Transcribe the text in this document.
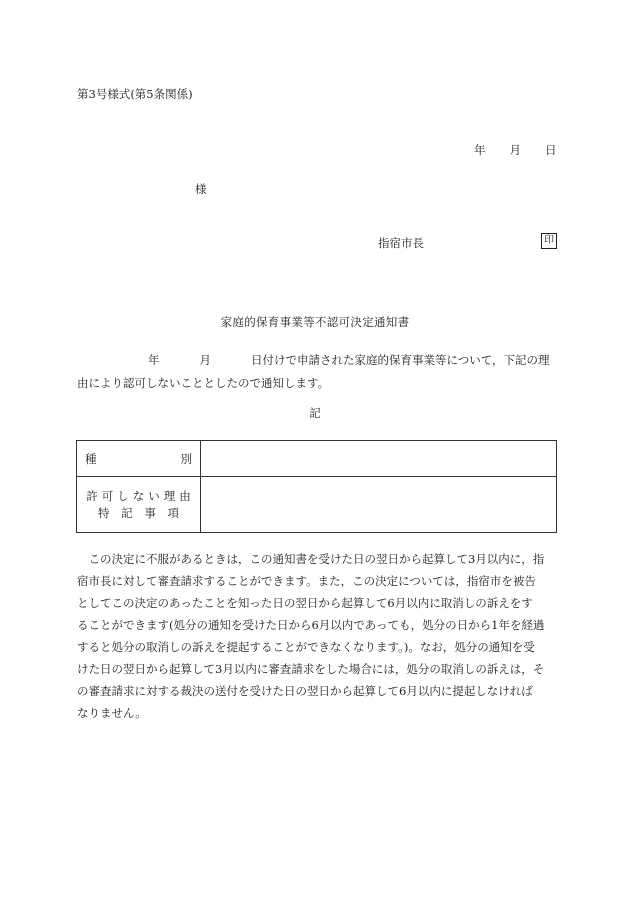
第3号様式(第5条関係)
年 月 日
様
指宿市長	印
家庭的保育事業等不認可決定通知書
年	月	日付けで申請された家庭的保育事業等について，下記の理
由により認可しないこととしたので通知します。
記
種 別	

許可しない理由
特 記 事 項	

　この決定に不服があるときは，この通知書を受けた日の翌日から起算して3月以内に，指
宿市長に対して審査請求することができます。また，この決定については，指宿市を被告
としてこの決定のあったことを知った日の翌日から起算して6月以内に取消しの訴えをす
ることができます(処分の通知を受けた日から6月以内であっても，処分の日から1年を経過
すると処分の取消しの訴えを提起することができなくなります。)。なお，処分の通知を受
けた日の翌日から起算して3月以内に審査請求をした場合には，処分の取消しの訴えは，そ
の審査請求に対する裁決の送付を受けた日の翌日から起算して6月以内に提起しなければ
なりません。
